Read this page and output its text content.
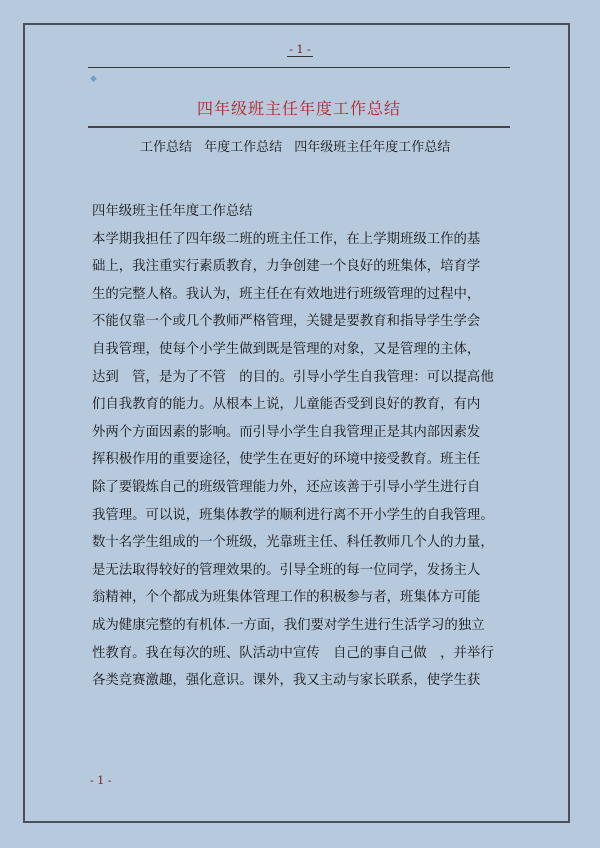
- 1 -
◆
四年级班主任年度工作总结
工作总结 年度工作总结 四年级班主任年度工作总结
四年级班主任年度工作总结
本学期我担任了四年级二班的班主任工作，在上学期班级工作的基
础上，我注重实行素质教育，力争创建一个良好的班集体，培育学
生的完整人格。我认为，班主任在有效地进行班级管理的过程中，
不能仅靠一个或几个教师严格管理，关键是要教育和指导学生学会
自我管理，使每个小学生做到既是管理的对象，又是管理的主体，
达到　管，是为了不管　的目的。引导小学生自我管理：可以提高他
们自我教育的能力。从根本上说，儿童能否受到良好的教育，有内
外两个方面因素的影响。而引导小学生自我管理正是其内部因素发
挥积极作用的重要途径，使学生在更好的环境中接受教育。班主任
除了要锻炼自己的班级管理能力外，还应该善于引导小学生进行自
我管理。可以说，班集体教学的顺利进行离不开小学生的自我管理。
数十名学生组成的一个班级，光靠班主任、科任教师几个人的力量，
是无法取得较好的管理效果的。引导全班的每一位同学，发扬主人
翁精神，个个都成为班集体管理工作的积极参与者，班集体方可能
成为健康完整的有机体.一方面，我们要对学生进行生活学习的独立
性教育。我在每次的班、队活动中宣传　自己的事自己做　，并举行
各类竞赛激趣，强化意识。课外，我又主动与家长联系，使学生获
- 1 -
